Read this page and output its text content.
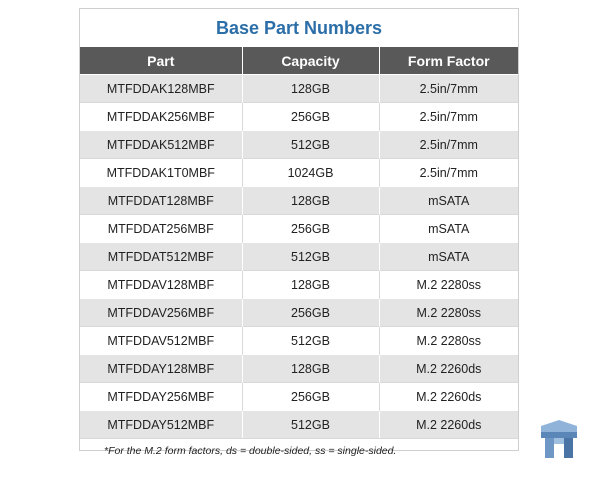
Base Part Numbers
Part	Capacity	Form Factor
MTFDDAK128MBF	128GB	2.5in/7mm
MTFDDAK256MBF	256GB	2.5in/7mm
MTFDDAK512MBF	512GB	2.5in/7mm
MTFDDAK1T0MBF	1024GB	2.5in/7mm
MTFDDAT128MBF	128GB	mSATA
MTFDDAT256MBF	256GB	mSATA
MTFDDAT512MBF	512GB	mSATA
MTFDDAV128MBF	128GB	M.2 2280ss
MTFDDAV256MBF	256GB	M.2 2280ss
MTFDDAV512MBF	512GB	M.2 2280ss
MTFDDAY128MBF	128GB	M.2 2260ds
MTFDDAY256MBF	256GB	M.2 2260ds
MTFDDAY512MBF	512GB	M.2 2260ds
*For the M.2 form factors, ds = double-sided, ss = single-sided.
